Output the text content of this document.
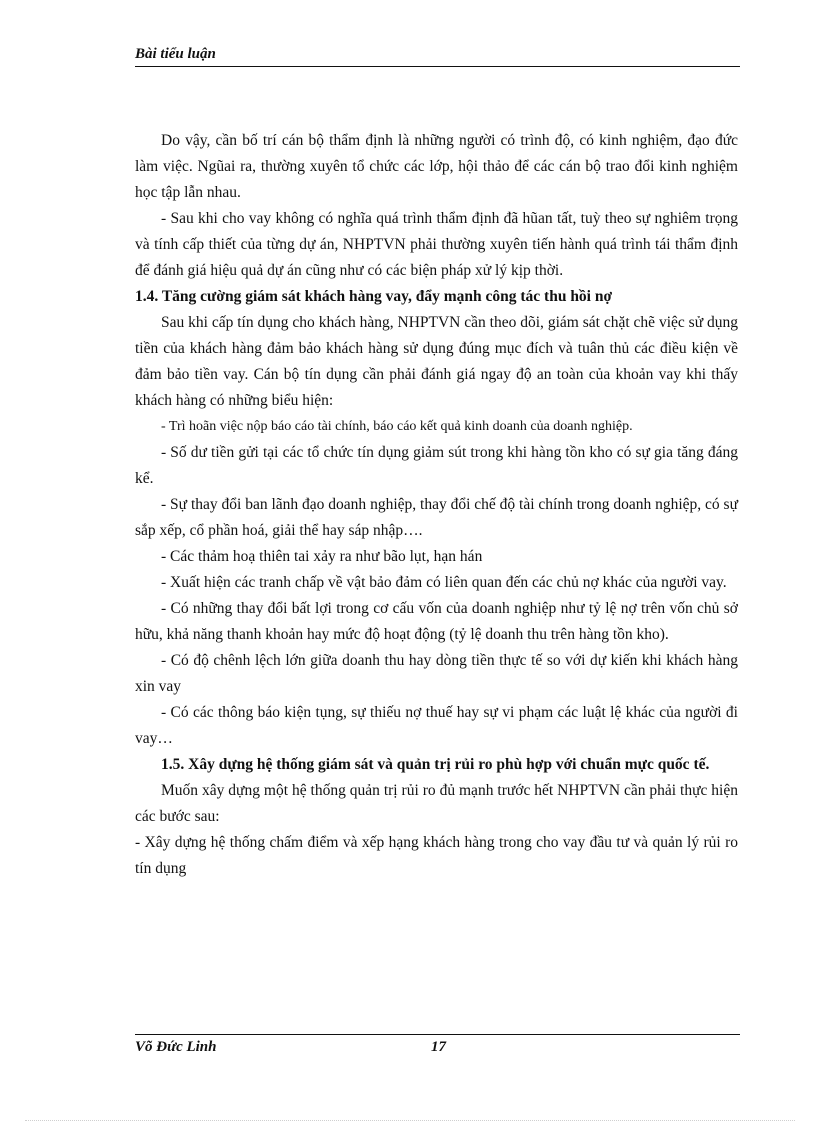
Bài tiểu luận

Do vậy, cần bố trí cán bộ thẩm định là những người có trình độ, có kinh nghiệm, đạo đức làm việc. Ngũai ra, thường xuyên tổ chức các lớp, hội thảo để các cán bộ trao đổi kinh nghiệm học tập lẫn nhau.

- Sau khi cho vay không có nghĩa quá trình thẩm định đã hũan tất, tuỳ theo sự nghiêm trọng và tính cấp thiết của từng dự án, NHPTVN phải thường xuyên tiến hành quá trình tái thẩm định để đánh giá hiệu quả dự án cũng như có các biện pháp xử lý kịp thời.

1.4. Tăng cường giám sát khách hàng vay, đẩy mạnh công tác thu hồi nợ

Sau khi cấp tín dụng cho khách hàng, NHPTVN cần theo dõi, giám sát chặt chẽ việc sử dụng tiền của khách hàng đảm bảo khách hàng sử dụng đúng mục đích và tuân thủ các điều kiện về đảm bảo tiền vay. Cán bộ tín dụng cần phải đánh giá ngay độ an toàn của khoản vay khi thấy khách hàng có những biểu hiện:

- Trì hoãn việc nộp báo cáo tài chính, báo cáo kết quả kinh doanh của doanh nghiệp.

- Số dư tiền gửi tại các tổ chức tín dụng giảm sút trong khi hàng tồn kho có sự gia tăng đáng kể.

- Sự thay đổi ban lãnh đạo doanh nghiệp, thay đổi chế độ tài chính trong doanh nghiệp, có sự sắp xếp, cổ phần hoá, giải thể hay sáp nhập….

- Các thảm hoạ thiên tai xảy ra như bão lụt, hạn hán

- Xuất hiện các tranh chấp về vật bảo đảm có liên quan đến các chủ nợ khác của người vay.

- Có những thay đổi bất lợi trong cơ cấu vốn của doanh nghiệp như tỷ lệ nợ trên vốn chủ sở hữu, khả năng thanh khoản hay mức độ hoạt động (tỷ lệ doanh thu trên hàng tồn kho).

- Có độ chênh lệch lớn giữa doanh thu hay dòng tiền thực tế so với dự kiến khi khách hàng xin vay

- Có các thông báo kiện tụng, sự thiếu nợ thuế hay sự vi phạm các luật lệ khác của người đi vay…

1.5. Xây dựng hệ thống giám sát và quản trị rủi ro phù hợp với chuẩn mực quốc tế.

Muốn xây dựng một hệ thống quản trị rủi ro đủ mạnh trước hết NHPTVN cần phải thực hiện các bước sau:

- Xây dựng hệ thống chấm điểm và xếp hạng khách hàng trong cho vay đầu tư và quản lý rủi ro tín dụng

Võ Đức Linh	17
